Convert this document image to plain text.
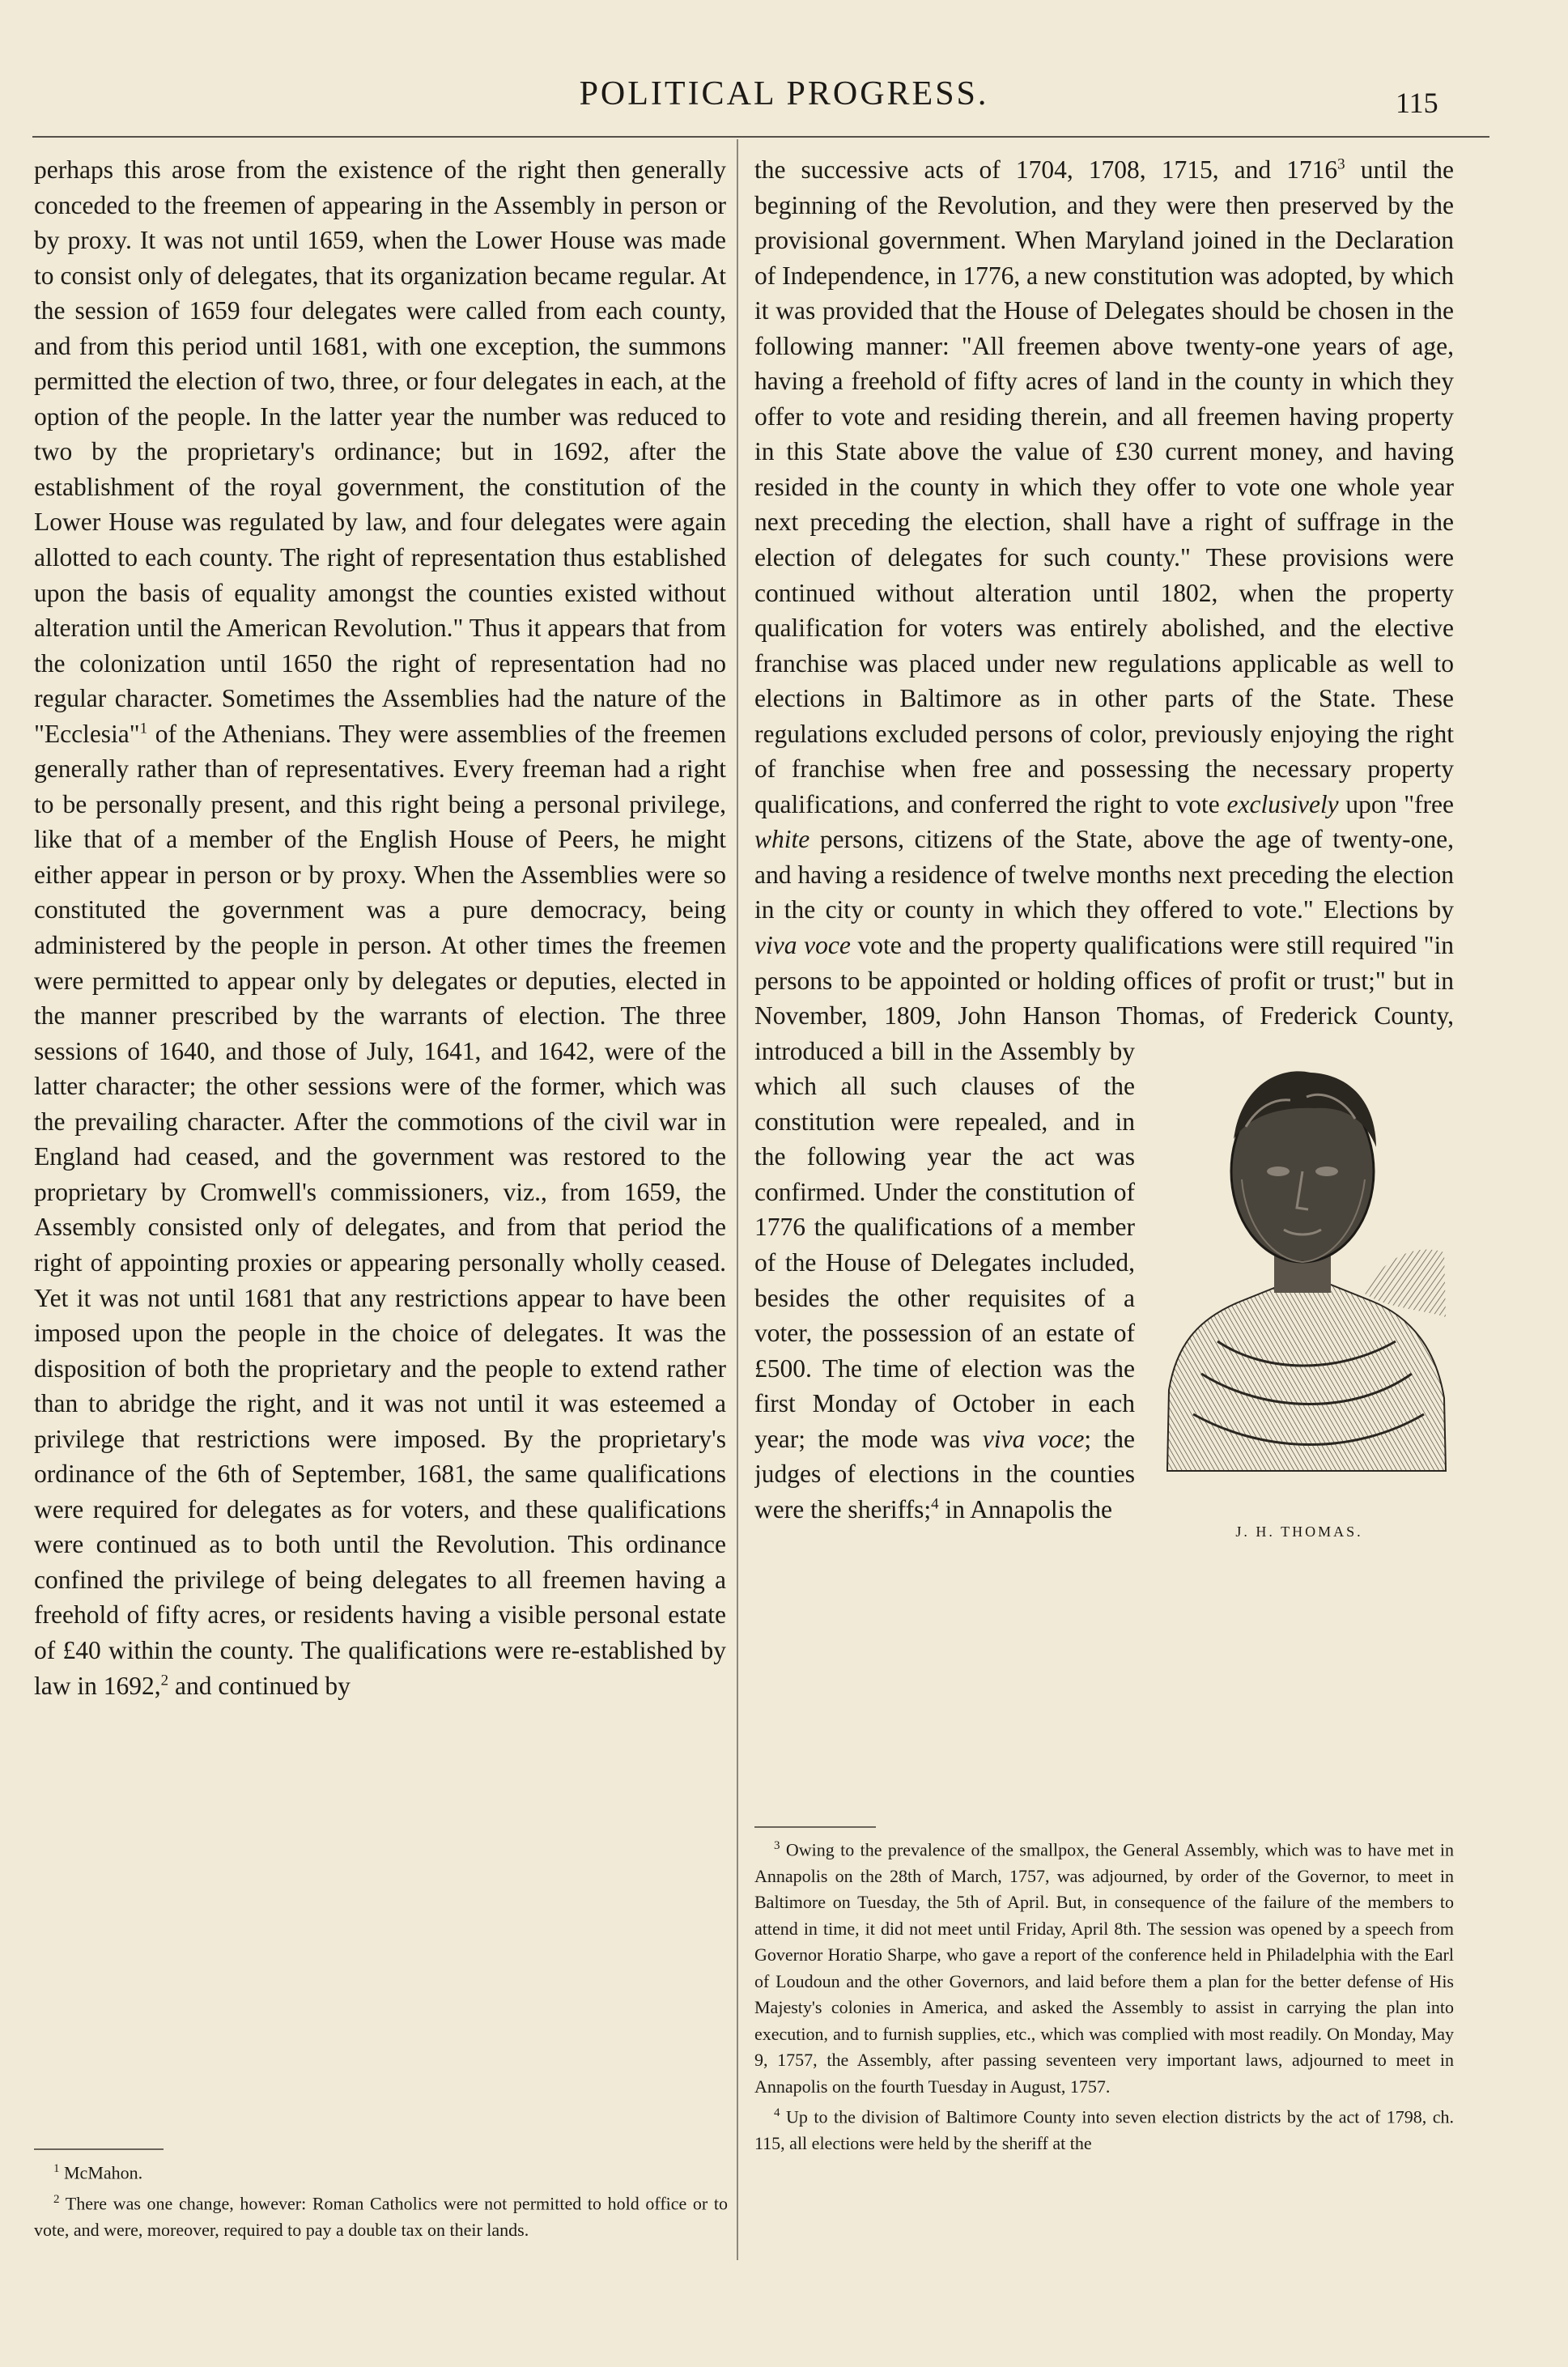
POLITICAL PROGRESS.	115

perhaps this arose from the existence of the right then generally conceded to the freemen of appearing in the Assembly in person or by proxy. It was not until 1659, when the Lower House was made to consist only of delegates, that its organization became regular. At the session of 1659 four delegates were called from each county, and from this period until 1681, with one exception, the summons permitted the election of two, three, or four delegates in each, at the option of the people. In the latter year the number was reduced to two by the proprietary's ordinance; but in 1692, after the establishment of the royal government, the constitution of the Lower House was regulated by law, and four delegates were again allotted to each county. The right of representation thus established upon the basis of equality amongst the counties existed without alteration until the American Revolution." Thus it appears that from the colonization until 1650 the right of representation had no regular character. Sometimes the Assemblies had the nature of the "Ecclesia"$^1$ of the Athenians. They were assemblies of the freemen generally rather than of representatives. Every freeman had a right to be personally present, and this right being a personal privilege, like that of a member of the English House of Peers, he might either appear in person or by proxy. When the Assemblies were so constituted the government was a pure democracy, being administered by the people in person. At other times the freemen were permitted to appear only by delegates or deputies, elected in the manner prescribed by the warrants of election. The three sessions of 1640, and those of July, 1641, and 1642, were of the latter character; the other sessions were of the former, which was the prevailing character. After the commotions of the civil war in England had ceased, and the government was restored to the proprietary by Cromwell's commissioners, viz., from 1659, the Assembly consisted only of delegates, and from that period the right of appointing proxies or appearing personally wholly ceased. Yet it was not until 1681 that any restrictions appear to have been imposed upon the people in the choice of delegates. It was the disposition of both the proprietary and the people to extend rather than to abridge the right, and it was not until it was esteemed a privilege that restrictions were imposed. By the proprietary's ordinance of the 6th of September, 1681, the same qualifications were required for delegates as for voters, and these qualifications were continued as to both until the Revolution. This ordinance confined the privilege of being delegates to all freemen having a freehold of fifty acres, or residents having a visible personal estate of £40 within the county. The qualifications were re-established by law in 1692,$^2$ and continued by

the successive acts of 1704, 1708, 1715, and 1716$^3$ until the beginning of the Revolution, and they were then preserved by the provisional government. When Maryland joined in the Declaration of Independence, in 1776, a new constitution was adopted, by which it was provided that the House of Delegates should be chosen in the following manner: "All freemen above twenty-one years of age, having a freehold of fifty acres of land in the county in which they offer to vote and residing therein, and all freemen having property in this State above the value of £30 current money, and having resided in the county in which they offer to vote one whole year next preceding the election, shall have a right of suffrage in the election of delegates for such county." These provisions were continued without alteration until 1802, when the property qualification for voters was entirely abolished, and the elective franchise was placed under new regulations applicable as well to elections in Baltimore as in other parts of the State. These regulations excluded persons of color, previously enjoying the right of franchise when free and possessing the necessary property qualifications, and conferred the right to vote exclusively upon "free white persons, citizens of the State, above the age of twenty-one, and having a residence of twelve months next preceding the election in the city or county in which they offered to vote." Elections by viva voce vote and the property qualifications were still required "in persons to be appointed or holding offices of profit or trust;" but in November, 1809, John Hanson Thomas, of Freder
J. H. THOMAS.
ick County, introduced a bill in the Assembly by which all such clauses of the constitution were repealed, and in the following year the act was confirmed. Under the constitution of 1776 the qualifications of a member of the House of Delegates included, besides the other requisites of a voter, the possession of an estate of £500. The time of election was the first Monday of October in each year; the mode was viva voce; the judges of elections in the counties were the sheriffs;$^4$ in Annapolis the

$^1$ McMahon.

$^2$ There was one change, however: Roman Catholics were not permitted to hold office or to vote, and were, moreover, required to pay a double tax on their lands.

$^3$ Owing to the prevalence of the smallpox, the General Assembly, which was to have met in Annapolis on the 28th of March, 1757, was adjourned, by order of the Governor, to meet in Baltimore on Tuesday, the 5th of April. But, in consequence of the failure of the members to attend in time, it did not meet until Friday, April 8th. The session was opened by a speech from Governor Horatio Sharpe, who gave a report of the conference held in Philadelphia with the Earl of Loudoun and the other Governors, and laid before them a plan for the better defense of His Majesty's colonies in America, and asked the Assembly to assist in carrying the plan into execution, and to furnish supplies, etc., which was complied with most readily. On Monday, May 9, 1757, the Assembly, after passing seventeen very important laws, adjourned to meet in Annapolis on the fourth Tuesday in August, 1757.

$^4$ Up to the division of Baltimore County into seven election districts by the act of 1798, ch. 115, all elections were held by the sheriff at the
